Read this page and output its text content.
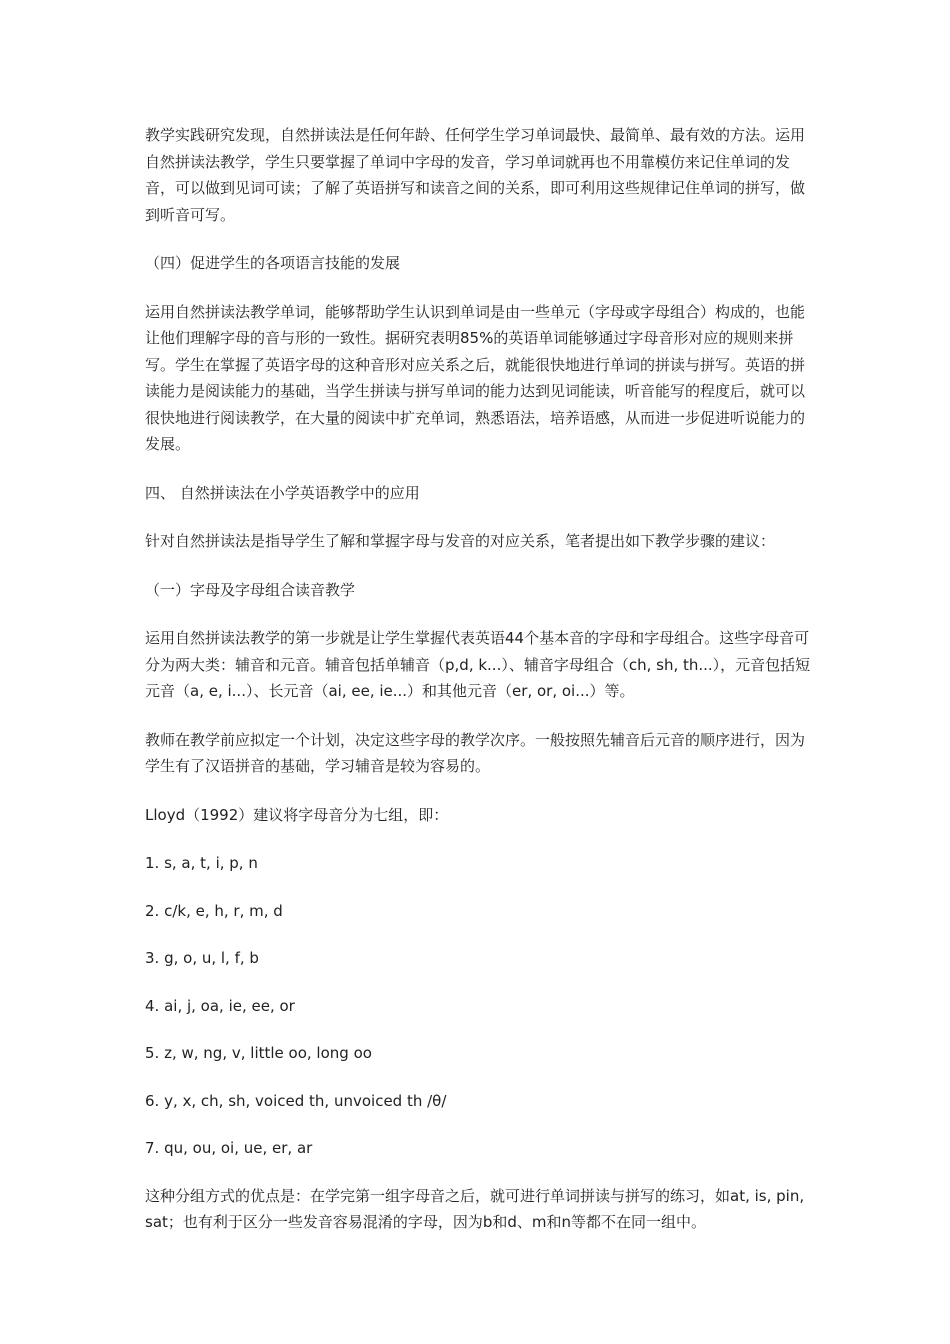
教学实践研究发现，自然拼读法是任何年龄、任何学生学习单词最快、最简单、最有效的方法。运用自然拼读法教学，学生只要掌握了单词中字母的发音，学习单词就再也不用靠模仿来记住单词的发音，可以做到见词可读；了解了英语拼写和读音之间的关系，即可利用这些规律记住单词的拼写，做到听音可写。

（四）促进学生的各项语言技能的发展

运用自然拼读法教学单词，能够帮助学生认识到单词是由一些单元（字母或字母组合）构成的，也能让他们理解字母的音与形的一致性。据研究表明85%的英语单词能够通过字母音形对应的规则来拼写。学生在掌握了英语字母的这种音形对应关系之后，就能很快地进行单词的拼读与拼写。英语的拼读能力是阅读能力的基础，当学生拼读与拼写单词的能力达到见词能读，听音能写的程度后，就可以很快地进行阅读教学，在大量的阅读中扩充单词，熟悉语法，培养语感，从而进一步促进听说能力的发展。

四、 自然拼读法在小学英语教学中的应用

针对自然拼读法是指导学生了解和掌握字母与发音的对应关系，笔者提出如下教学步骤的建议：

（一）字母及字母组合读音教学

运用自然拼读法教学的第一步就是让学生掌握代表英语44个基本音的字母和字母组合。这些字母音可分为两大类：辅音和元音。辅音包括单辅音（p,d, k...）、辅音字母组合（ch, sh, th...），元音包括短元音（a, e, i...）、长元音（ai, ee, ie...）和其他元音（er, or, oi...）等。

教师在教学前应拟定一个计划，决定这些字母的教学次序。一般按照先辅音后元音的顺序进行，因为学生有了汉语拼音的基础，学习辅音是较为容易的。

Lloyd（1992）建议将字母音分为七组，即：

1. s, a, t, i, p, n

2. c/k, e, h, r, m, d

3. g, o, u, l, f, b

4. ai, j, oa, ie, ee, or

5. z, w, ng, v, little oo, long oo

6. y, x, ch, sh, voiced th, unvoiced th /θ/

7. qu, ou, oi, ue, er, ar

这种分组方式的优点是：在学完第一组字母音之后，就可进行单词拼读与拼写的练习，如at, is, pin, sat；也有利于区分一些发音容易混淆的字母，因为b和d、m和n等都不在同一组中。
